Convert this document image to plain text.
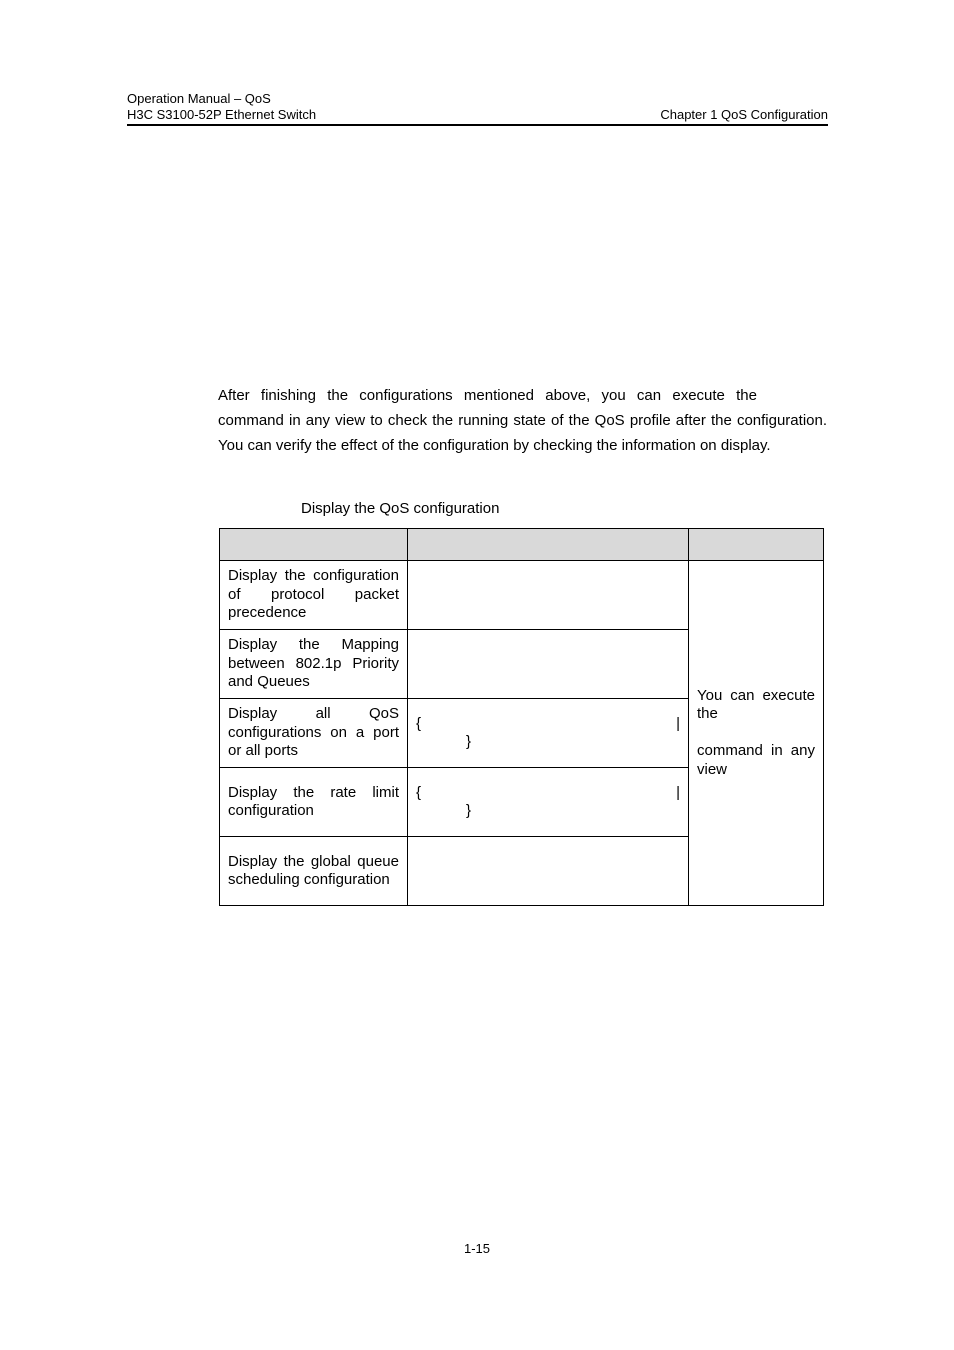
Operation Manual – QoS
H3C S3100-52P Ethernet Switch	Chapter 1 QoS Configuration

After finishing the configurations mentioned above, you can execute thecommand in any view to check the running state of the QoS profile after the configuration. You can verify the effect of the configuration by checking the information on display.

Display the QoS configuration

Display the configuration of protocol packet precedence		You can execute the
command in any view
Display the Mapping between 802.1p Priority and Queues		
Display all QoS configurations on a port or all ports	{ |
}	

Display the rate limit configuration	{ |
}	

Display the global queue scheduling configuration		
1-15
